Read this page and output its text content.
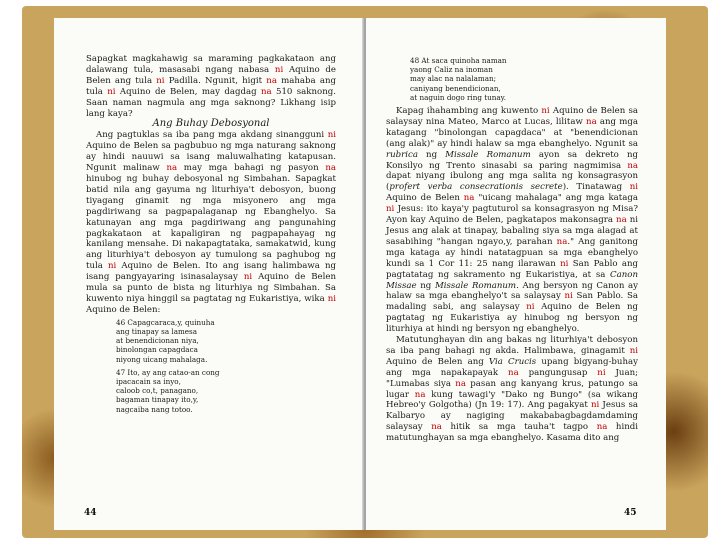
Sapagkat magkahawig sa maraming pagkakataon ang dalawang tula, masasabi ngang nabasa ni Aquino de Belen ang tula ni Padilla. Ngunit, higit na mahaba ang tula ni Aquino de Belen, may dagdag na 510 saknong. Saan naman nagmula ang mga saknong? Likhang isip lang kaya?

Ang Buhay Debosyonal

Ang pagtuklas sa iba pang mga akdang sinangguni ni Aquino de Belen sa pagbubuo ng mga naturang saknong ay hindi nauuwi sa isang maluwalhating katapusan. Ngunit malinaw na may mga bahagi ng pasyon na hinubog ng buhay debosyonal ng Simbahan. Sapagkat batid nila ang gayuma ng liturhiya't debosyon, buong tiyagang ginamit ng mga misyonero ang mga pagdiriwang sa pagpapalaganap ng Ebanghelyo. Sa katunayan ang mga pagdiriwang ang pangunahing pagkakataon at kapaligiran ng pagpapahayag ng kanilang mensahe. Di nakapagtataka, samakatwid, kung ang liturhiya't debosyon ay tumulong sa paghubog ng tula ni Aquino de Belen. Ito ang isang halimbawa ng isang pangyayaring isinasalaysay ni Aquino de Belen mula sa punto de bista ng liturhiya ng Simbahan. Sa kuwento niya hinggil sa pagtatag ng Eukaristiya, wika ni Aquino de Belen:

46 Capagcaraca,y, quinuha
ang tinapay sa lamesa
at benendicionan niya,
binolongan capagdaca
niyong uicang mahalaga.
47 Ito, ay ang catao-an cong
ipacacain sa inyo,
caloob co,t, panagano,
bagaman tinapay ito,y,
nagcaiba nang totoo.
44
48 At saca quinoha naman
yaong Caliz na inoman
may alac na nalalaman;
caniyang benendicionan,
at naguin dogo ring tunay.

Kapag ihahambing ang kuwento ni Aquino de Belen sa salaysay nina Mateo, Marco at Lucas, lilitaw na ang mga katagang "binolongan capagdaca" at "benendicionan (ang alak)" ay hindi halaw sa mga ebanghelyo. Ngunit sa rubrica ng Missale Romanum ayon sa dekreto ng Konsilyo ng Trento sinasabi sa paring nagmimisa na dapat niyang ibulong ang mga salita ng konsagrasyon (profert verba consecrationis secrete). Tinatawag ni Aquino de Belen na "uicang mahalaga" ang mga kataga ni Jesus: ito kaya'y pagtuturol sa konsagrasyon ng Misa? Ayon kay Aquino de Belen, pagkatapos makonsagra na ni Jesus ang alak at tinapay, babaling siya sa mga alagad at sasabihing "hangan ngayo,y, parahan na." Ang ganitong mga kataga ay hindi natatagpuan sa mga ebanghelyo kundi sa 1 Cor 11: 25 nang ilarawan ni San Pablo ang pagtatatag ng sakramento ng Eukaristiya, at sa Canon Missae ng Missale Romanum. Ang bersyon ng Canon ay halaw sa mga ebanghelyo't sa salaysay ni San Pablo. Sa madaling sabi, ang salaysay ni Aquino de Belen ng pagtatag ng Eukaristiya ay hinubog ng bersyon ng liturhiya at hindi ng bersyon ng ebanghelyo.

Matutunghayan din ang bakas ng liturhiya't debosyon sa iba pang bahagi ng akda. Halimbawa, ginagamit ni Aquino de Belen ang Via Crucis upang bigyang-buhay ang mga napakapayak na pangungusap ni Juan; "Lumabas siya na pasan ang kanyang krus, patungo sa lugar na kung tawagi'y "Dako ng Bungo" (sa wikang Hebreo'y Golgotha) (Jn 19: 17). Ang pagakyat ni Jesus sa Kalbaryo ay nagiging makababagbagdamdaming salaysay na hitik sa mga tauha't tagpo na hindi matutunghayan sa mga ebanghelyo. Kasama dito ang

45
